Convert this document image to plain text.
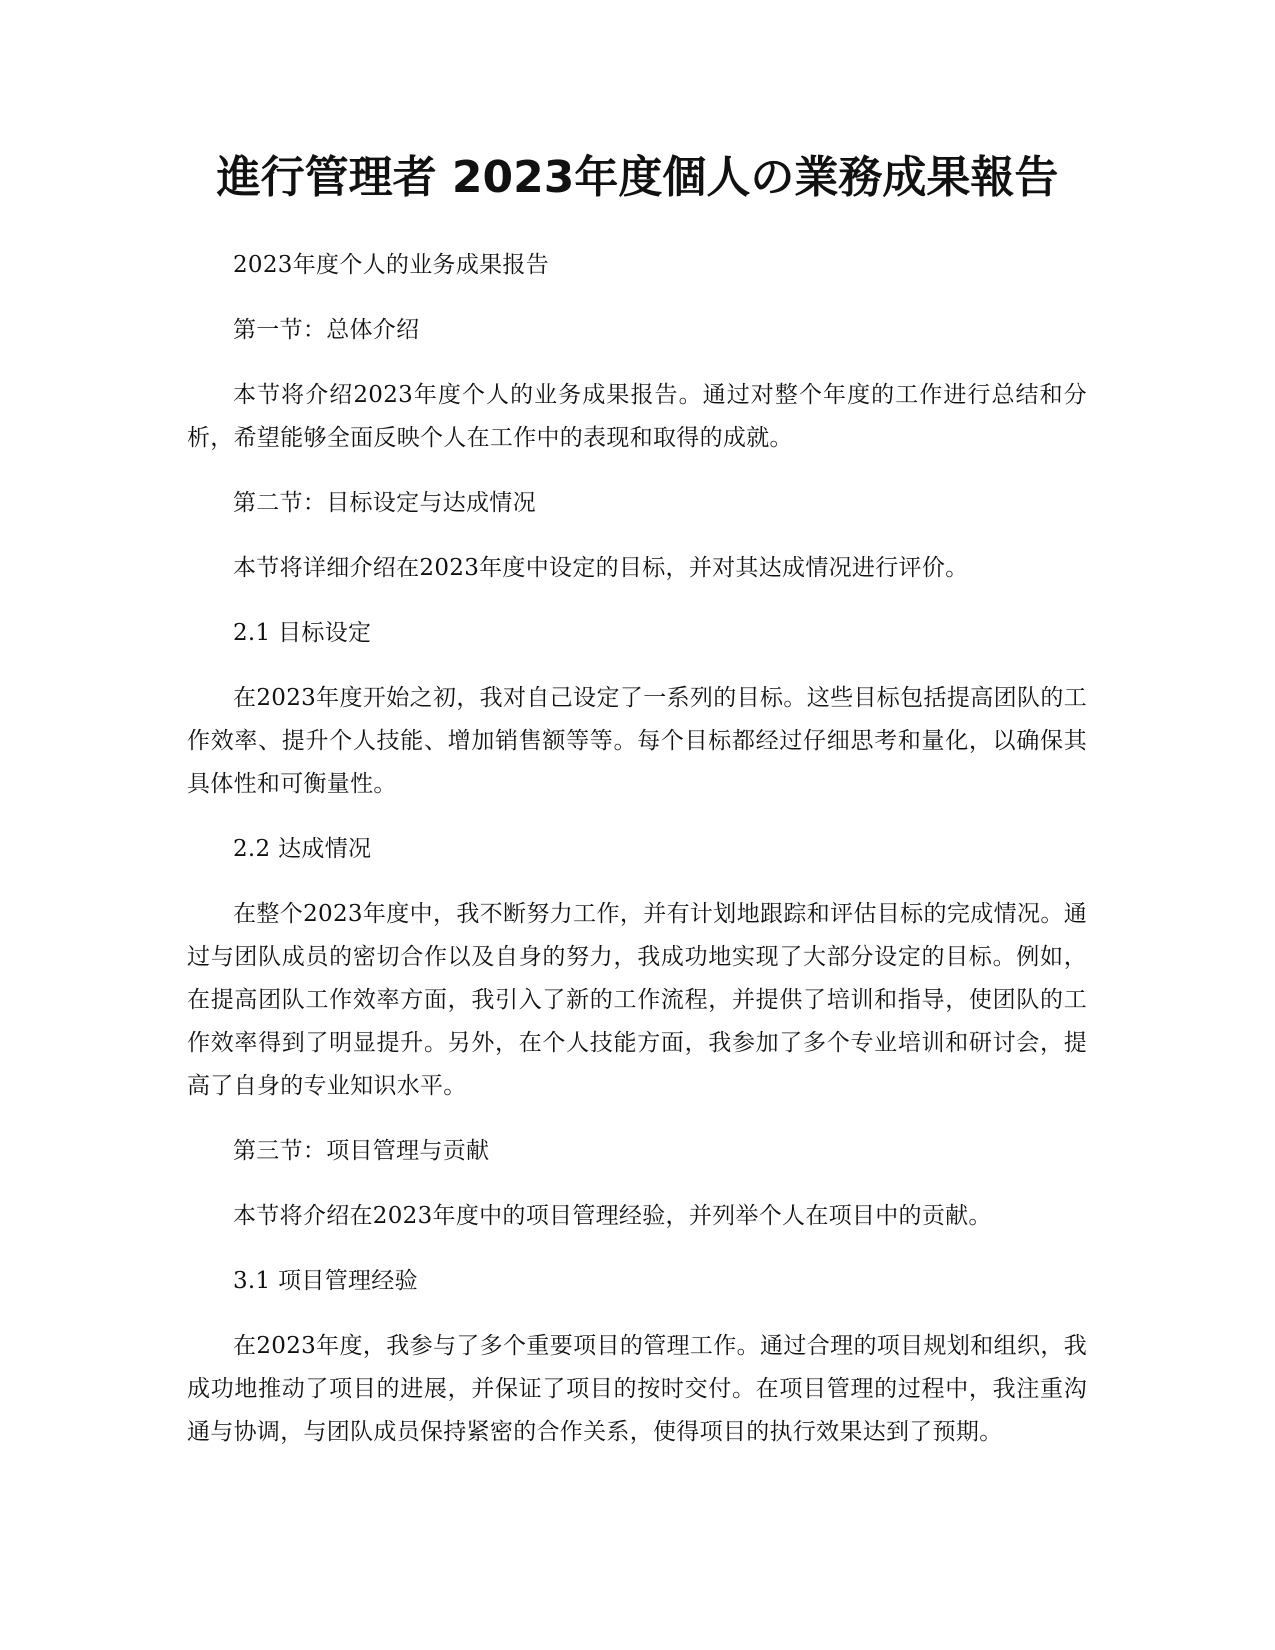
進行管理者 2023年度個人の業務成果報告

2023年度个人的业务成果报告

第一节：总体介绍

本节将介绍2023年度个人的业务成果报告。通过对整个年度的工作进行总结和分析，希望能够全面反映个人在工作中的表现和取得的成就。

第二节：目标设定与达成情况

本节将详细介绍在2023年度中设定的目标，并对其达成情况进行评价。

2.1 目标设定

在2023年度开始之初，我对自己设定了一系列的目标。这些目标包括提高团队的工作效率、提升个人技能、增加销售额等等。每个目标都经过仔细思考和量化，以确保其具体性和可衡量性。

2.2 达成情况

在整个2023年度中，我不断努力工作，并有计划地跟踪和评估目标的完成情况。通过与团队成员的密切合作以及自身的努力，我成功地实现了大部分设定的目标。例如，在提高团队工作效率方面，我引入了新的工作流程，并提供了培训和指导，使团队的工作效率得到了明显提升。另外，在个人技能方面，我参加了多个专业培训和研讨会，提高了自身的专业知识水平。

第三节：项目管理与贡献

本节将介绍在2023年度中的项目管理经验，并列举个人在项目中的贡献。

3.1 项目管理经验

在2023年度，我参与了多个重要项目的管理工作。通过合理的项目规划和组织，我成功地推动了项目的进展，并保证了项目的按时交付。在项目管理的过程中，我注重沟通与协调，与团队成员保持紧密的合作关系，使得项目的执行效果达到了预期。
